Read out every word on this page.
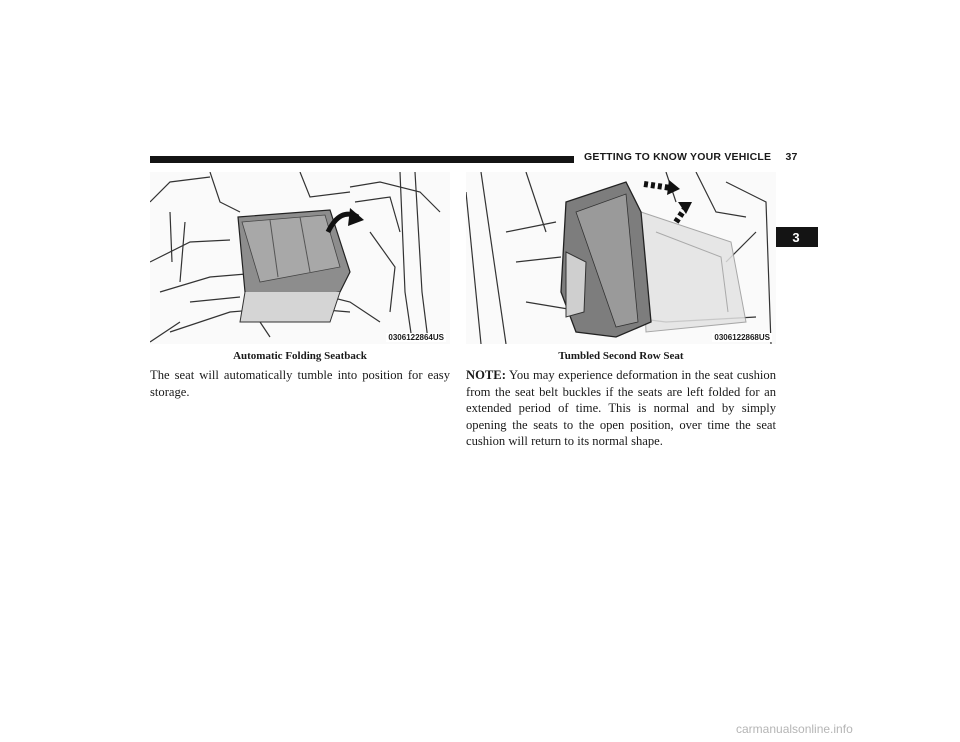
GETTING TO KNOW YOUR VEHICLE 37
3
0306122864US	0306122868US
Automatic Folding Seatback	Tumbled Second Row Seat
The seat will automatically tumble into position for easy storage.
NOTE: You may experience deformation in the seat cushion from the seat belt buckles if the seats are left folded for an extended period of time. This is normal and by simply opening the seats to the open position, over time the seat cushion will return to its normal shape.
carmanualsonline.info
